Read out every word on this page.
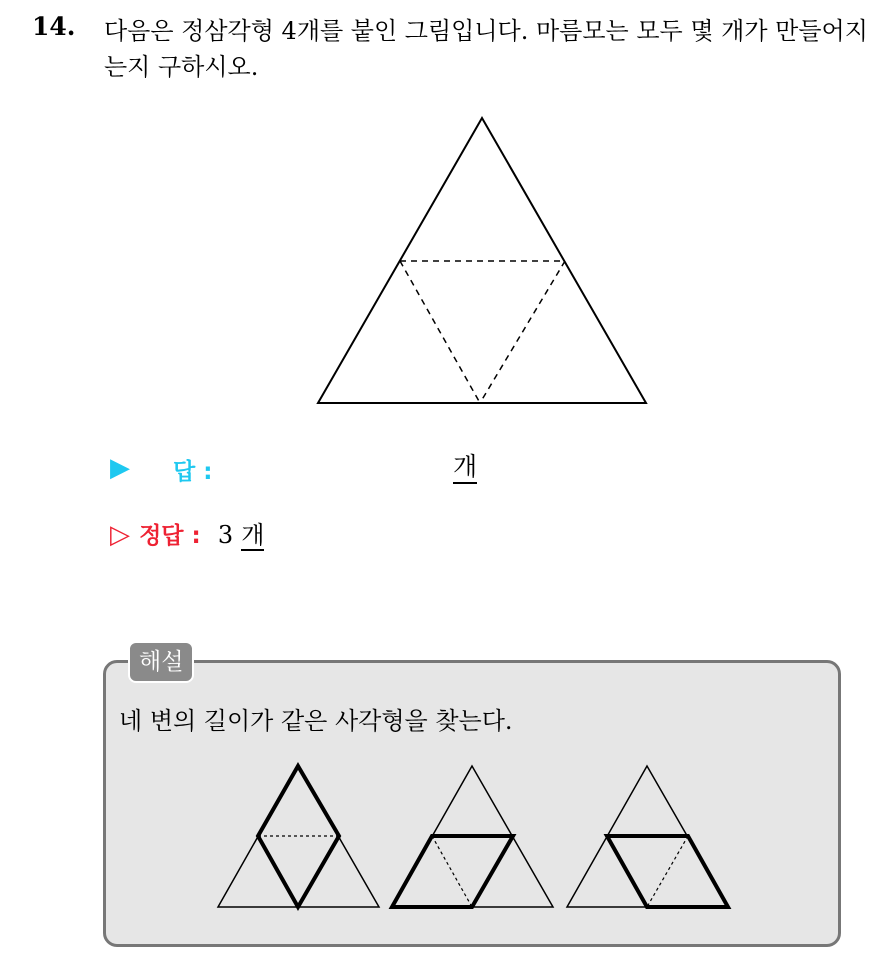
14. 다음은 정삼각형 4개를 붙인 그림입니다. 마름모는 모두 몇 개가 만들어지는지 구하시오.
▶ 답 :	개
▷ 정답 : 3 개
해설
네 변의 길이가 같은 사각형을 찾는다.
